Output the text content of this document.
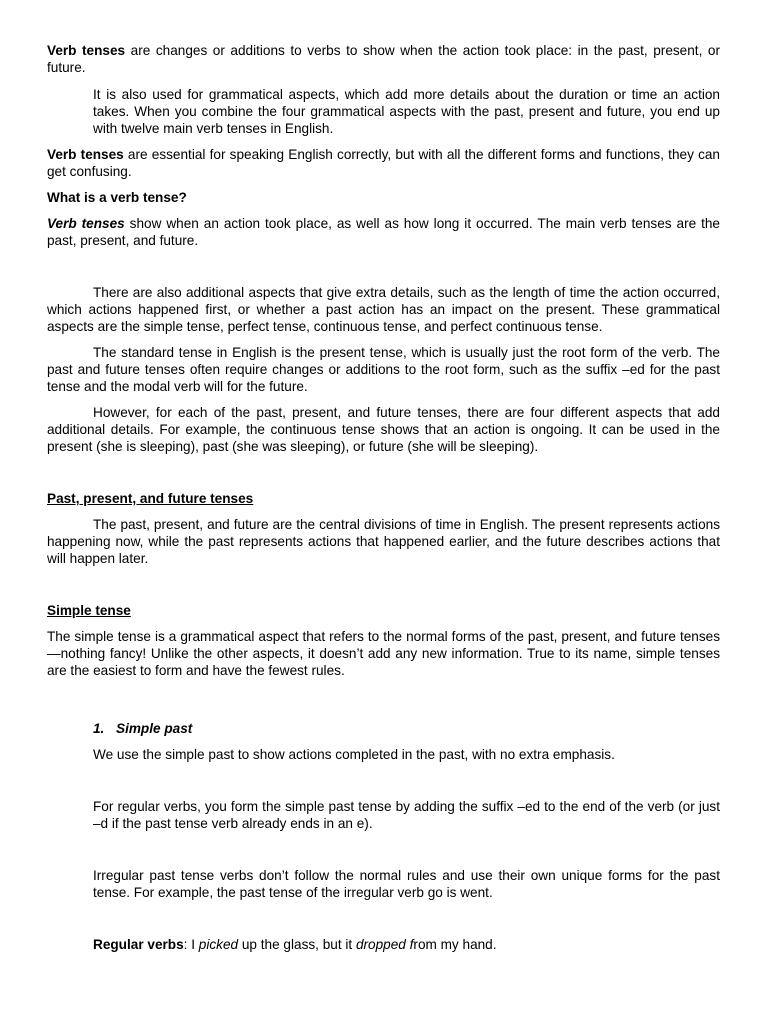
Verb tenses are changes or additions to verbs to show when the action took place: in the past, present, or future.

It is also used for grammatical aspects, which add more details about the duration or time an action takes. When you combine the four grammatical aspects with the past, present and future, you end up with twelve main verb tenses in English.

Verb tenses are essential for speaking English correctly, but with all the different forms and functions, they can get confusing.

What is a verb tense?

Verb tenses show when an action took place, as well as how long it occurred. The main verb tenses are the past, present, and future.

There are also additional aspects that give extra details, such as the length of time the action occurred, which actions happened first, or whether a past action has an impact on the present. These grammatical aspects are the simple tense, perfect tense, continuous tense, and perfect continuous tense.

The standard tense in English is the present tense, which is usually just the root form of the verb. The past and future tenses often require changes or additions to the root form, such as the suffix –ed for the past tense and the modal verb will for the future.

However, for each of the past, present, and future tenses, there are four different aspects that add additional details. For example, the continuous tense shows that an action is ongoing. It can be used in the present (she is sleeping), past (she was sleeping), or future (she will be sleeping).

Past, present, and future tenses

The past, present, and future are the central divisions of time in English. The present represents actions happening now, while the past represents actions that happened earlier, and the future describes actions that will happen later.

Simple tense

The simple tense is a grammatical aspect that refers to the normal forms of the past, present, and future tenses—nothing fancy! Unlike the other aspects, it doesn’t add any new information. True to its name, simple tenses are the easiest to form and have the fewest rules.

1. Simple past

We use the simple past to show actions completed in the past, with no extra emphasis.

For regular verbs, you form the simple past tense by adding the suffix –ed to the end of the verb (or just –d if the past tense verb already ends in an e).

Irregular past tense verbs don’t follow the normal rules and use their own unique forms for the past tense. For example, the past tense of the irregular verb go is went.

Regular verbs: I picked up the glass, but it dropped from my hand.
